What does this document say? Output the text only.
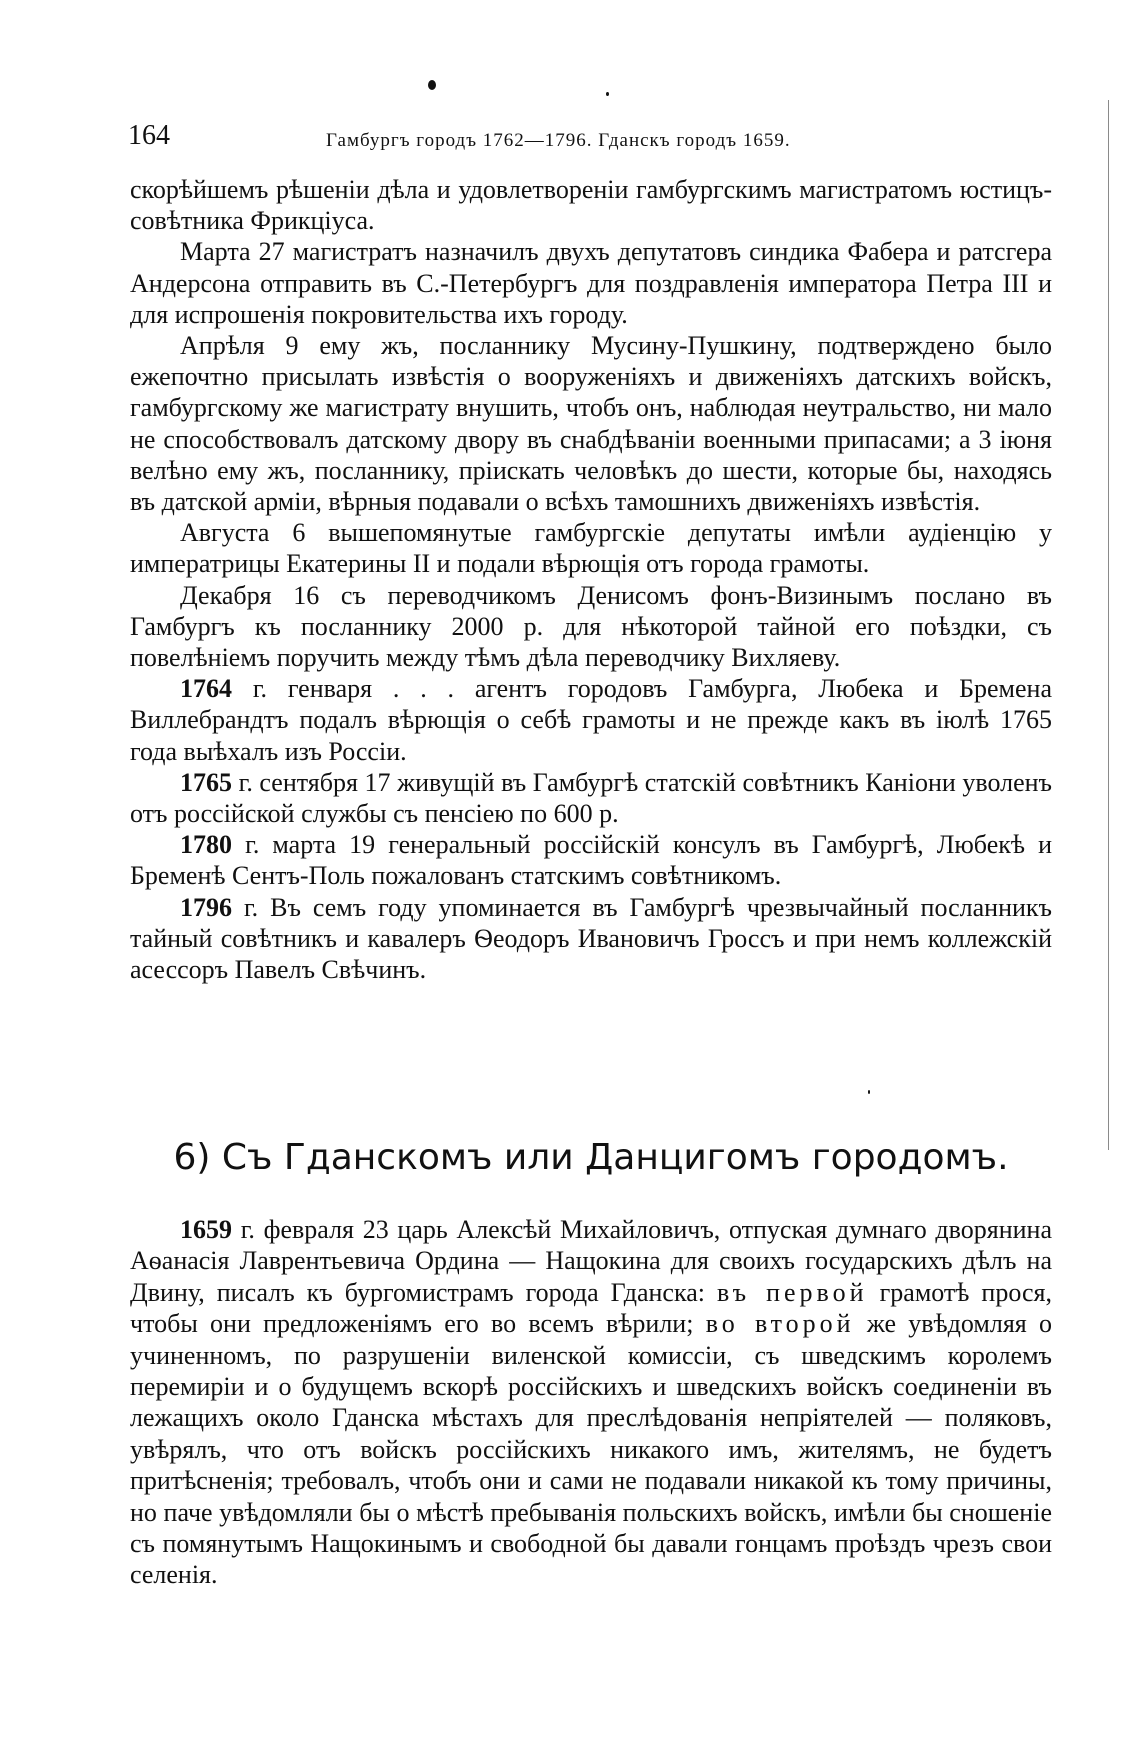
164	Гамбургъ городъ 1762—1796. Гданскъ городъ 1659.

скорѣйшемъ рѣшеніи дѣла и удовлетвореніи гамбургскимъ магистратомъ юстицъ-совѣтника Фрикціуса.

Марта 27 магистратъ назначилъ двухъ депутатовъ синдика Фабера и ратсгера Андерсона отправить въ С.-Петербургъ для поздравленія императора Петра III и для испрошенія покровительства ихъ городу.

Апрѣля 9 ему жъ, посланнику Мусину-Пушкину, подтверждено было ежепочтно присылать извѣстія о вооруженіяхъ и движеніяхъ датскихъ войскъ, гамбургскому же магистрату внушить, чтобъ онъ, наблюдая неутральство, ни мало не способствовалъ датскому двору въ снабдѣваніи военными припасами; а 3 іюня велѣно ему жъ, посланнику, пріискать человѣкъ до шести, которые бы, находясь въ датской арміи, вѣрныя подавали о всѣхъ тамошнихъ движеніяхъ извѣстія.

Августа 6 вышепомянутые гамбургскіе депутаты имѣли аудіенцію у императрицы Екатерины II и подали вѣрющія отъ города грамоты.

Декабря 16 съ переводчикомъ Денисомъ фонъ-Визинымъ послано въ Гамбургъ къ посланнику 2000 р. для нѣкоторой тайной его поѣздки, съ повелѣніемъ поручить между тѣмъ дѣла переводчику Вихляеву.

1764 г. генваря . . . агентъ городовъ Гамбурга, Любека и Бремена Виллебрандтъ подалъ вѣрющія о себѣ грамоты и не прежде какъ въ іюлѣ 1765 года выѣхалъ изъ Россіи.

1765 г. сентября 17 живущій въ Гамбургѣ статскій совѣтникъ Каніони уволенъ отъ россійской службы съ пенсіею по 600 р.

1780 г. марта 19 генеральный россійскій консулъ въ Гамбургѣ, Любекѣ и Бременѣ Сентъ-Поль пожалованъ статскимъ совѣтникомъ.

1796 г. Въ семъ году упоминается въ Гамбургѣ чрезвычайный посланникъ тайный совѣтникъ и кавалеръ Ѳеодоръ Ивановичъ Гроссъ и при немъ коллежскій асессоръ Павелъ Свѣчинъ.

6) Съ Гданскомъ или Данцигомъ городомъ.

1659 г. февраля 23 царь Алексѣй Михайловичъ, отпуская думнаго дворянина Аѳанасія Лаврентьевича Ордина — Нащокина для своихъ государскихъ дѣлъ на Двину, писалъ къ бургомистрамъ города Гданска: въ первой грамотѣ прося, чтобы они предложеніямъ его во всемъ вѣрили; во второй же увѣдомляя о учиненномъ, по разрушеніи виленской комиссіи, съ шведскимъ королемъ перемиріи и о будущемъ вскорѣ россійскихъ и шведскихъ войскъ соединеніи въ лежащихъ около Гданска мѣстахъ для преслѣдованія непріятелей — поляковъ, увѣрялъ, что отъ войскъ россійскихъ никакого имъ, жителямъ, не будетъ притѣсненія; требовалъ, чтобъ они и сами не подавали никакой къ тому причины, но паче увѣдомляли бы о мѣстѣ пребыванія польскихъ войскъ, имѣли бы сношеніе съ помянутымъ Нащокинымъ и свободной бы давали гонцамъ проѣздъ чрезъ свои селенія.
